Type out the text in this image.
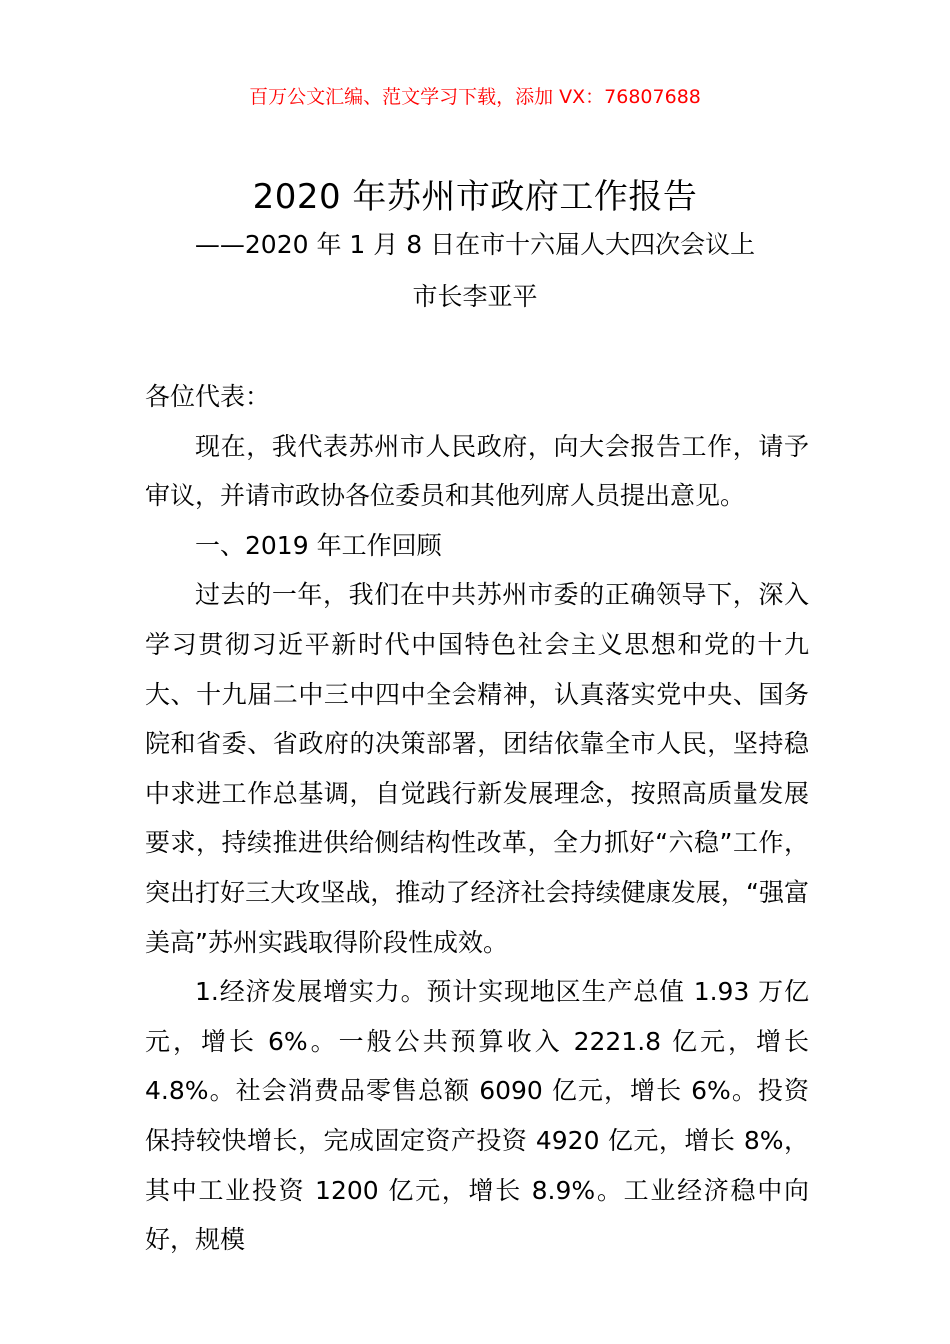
百万公文汇编、范文学习下载，添加 VX：76807688
2020 年苏州市政府工作报告
——2020 年 1 月 8 日在市十六届人大四次会议上
市长李亚平

各位代表：

现在，我代表苏州市人民政府，向大会报告工作，请予审议，并请市政协各位委员和其他列席人员提出意见。

一、2019 年工作回顾

过去的一年，我们在中共苏州市委的正确领导下，深入学习贯彻习近平新时代中国特色社会主义思想和党的十九大、十九届二中三中四中全会精神，认真落实党中央、国务院和省委、省政府的决策部署，团结依靠全市人民，坚持稳中求进工作总基调，自觉践行新发展理念，按照高质量发展要求，持续推进供给侧结构性改革，全力抓好“六稳”工作，突出打好三大攻坚战，推动了经济社会持续健康发展，“强富美高”苏州实践取得阶段性成效。

1.经济发展增实力。预计实现地区生产总值 1.93 万亿元，增长 6%。一般公共预算收入 2221.8 亿元，增长 4.8%。社会消费品零售总额 6090 亿元，增长 6%。投资保持较快增长，完成固定资产投资 4920 亿元，增长 8%，其中工业投资 1200 亿元，增长 8.9%。工业经济稳中向好，规模
